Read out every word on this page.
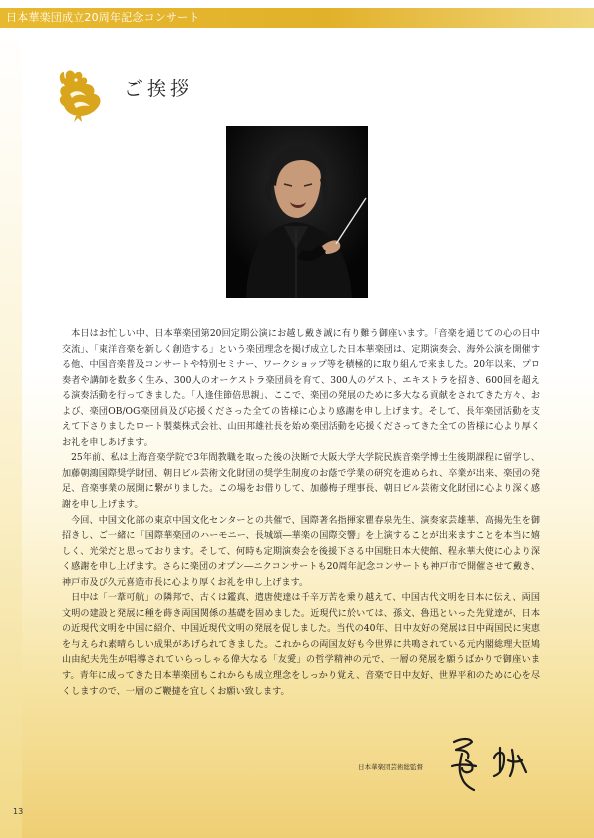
日本華楽団成立20周年記念コンサート
ご挨拶

本日はお忙しい中、日本華楽団第20回定期公演にお越し戴き誠に有り難う御座います。「音楽を通じての心の日中交流」、「東洋音楽を新しく創造する」という楽団理念を掲げ成立した日本華楽団は、定期演奏会、海外公演を開催する他、中国音楽普及コンサートや特別セミナー、ワークショップ等を積極的に取り組んで来ました。20年以来、プロ奏者や講師を数多く生み、300人のオーケストラ楽団員を育て、300人のゲスト、エキストラを招き、600回を超える演奏活動を行ってきました。「人逢佳節倍思親」、ここで、楽団の発展のために多大なる貢献をされてきた方々、および、楽団OB/OG楽団員及び応援くださった全ての皆様に心より感謝を申し上げます。そして、長年楽団活動を支えて下さりましたロート製薬株式会社、山田邦雄社長を始め楽団活動を応援くださってきた全ての皆様に心より厚くお礼を申しあげます。

25年前、私は上海音楽学院で3年間教職を取った後の決断で大阪大学大学院民族音楽学博士生後期課程に留学し、加藤朝鴻国際奨学財団、朝日ビル芸術文化財団の奨学生制度のお蔭で学業の研究を進められ、卒業が出来、楽団の発足、音楽事業の展開に繋がりました。この場をお借りして、加藤梅子理事長、朝日ビル芸術文化財団に心より深く感謝を申し上げます。

今回、中国文化部の東京中国文化センターとの共催で、国際著名指揮家瞿春泉先生、演奏家芸雄華、高揚先生を御招きし、ご一緒に「国際華楽団のハーモニー、長城頌―華楽の国際交響」を上演することが出来ますことを本当に嬉しく、光栄だと思っております。そして、何時も定期演奏会を後援下さる中国駐日本大使館、程永華大使に心より深く感謝を申し上げます。さらに楽団のオプン―ニクコンサートも20周年記念コンサートも神戸市で開催させて戴き、神戸市及び久元喜造市長に心より厚くお礼を申し上げます。

日中は「一葦可航」の隣邦で、古くは鑑真、遣唐使達は千辛万苦を乗り越えて、中国古代文明を日本に伝え、両国文明の建設と発展に種を蒔き両国関係の基礎を固めました。近現代に於いては、孫文、魯迅といった先覚達が、日本の近現代文明を中国に紹介、中国近現代文明の発展を促しました。当代の40年、日中友好の発展は日中両国民に実恵を与えられ素晴らしい成果があげられてきました。これからの両国友好も今世界に共鳴されている元内閣総理大臣鳩山由紀夫先生が唱導されていらっしゃる偉大なる「友愛」の哲学精神の元で、一層の発展を願うばかりで御座います。青年に成ってきた日本華楽団もこれからも成立理念をしっかり覚え、音楽で日中友好、世界平和のために心を尽くしますので、一層のご鞭撻を宜しくお願い致します。

日本華楽団芸術総監督
13
